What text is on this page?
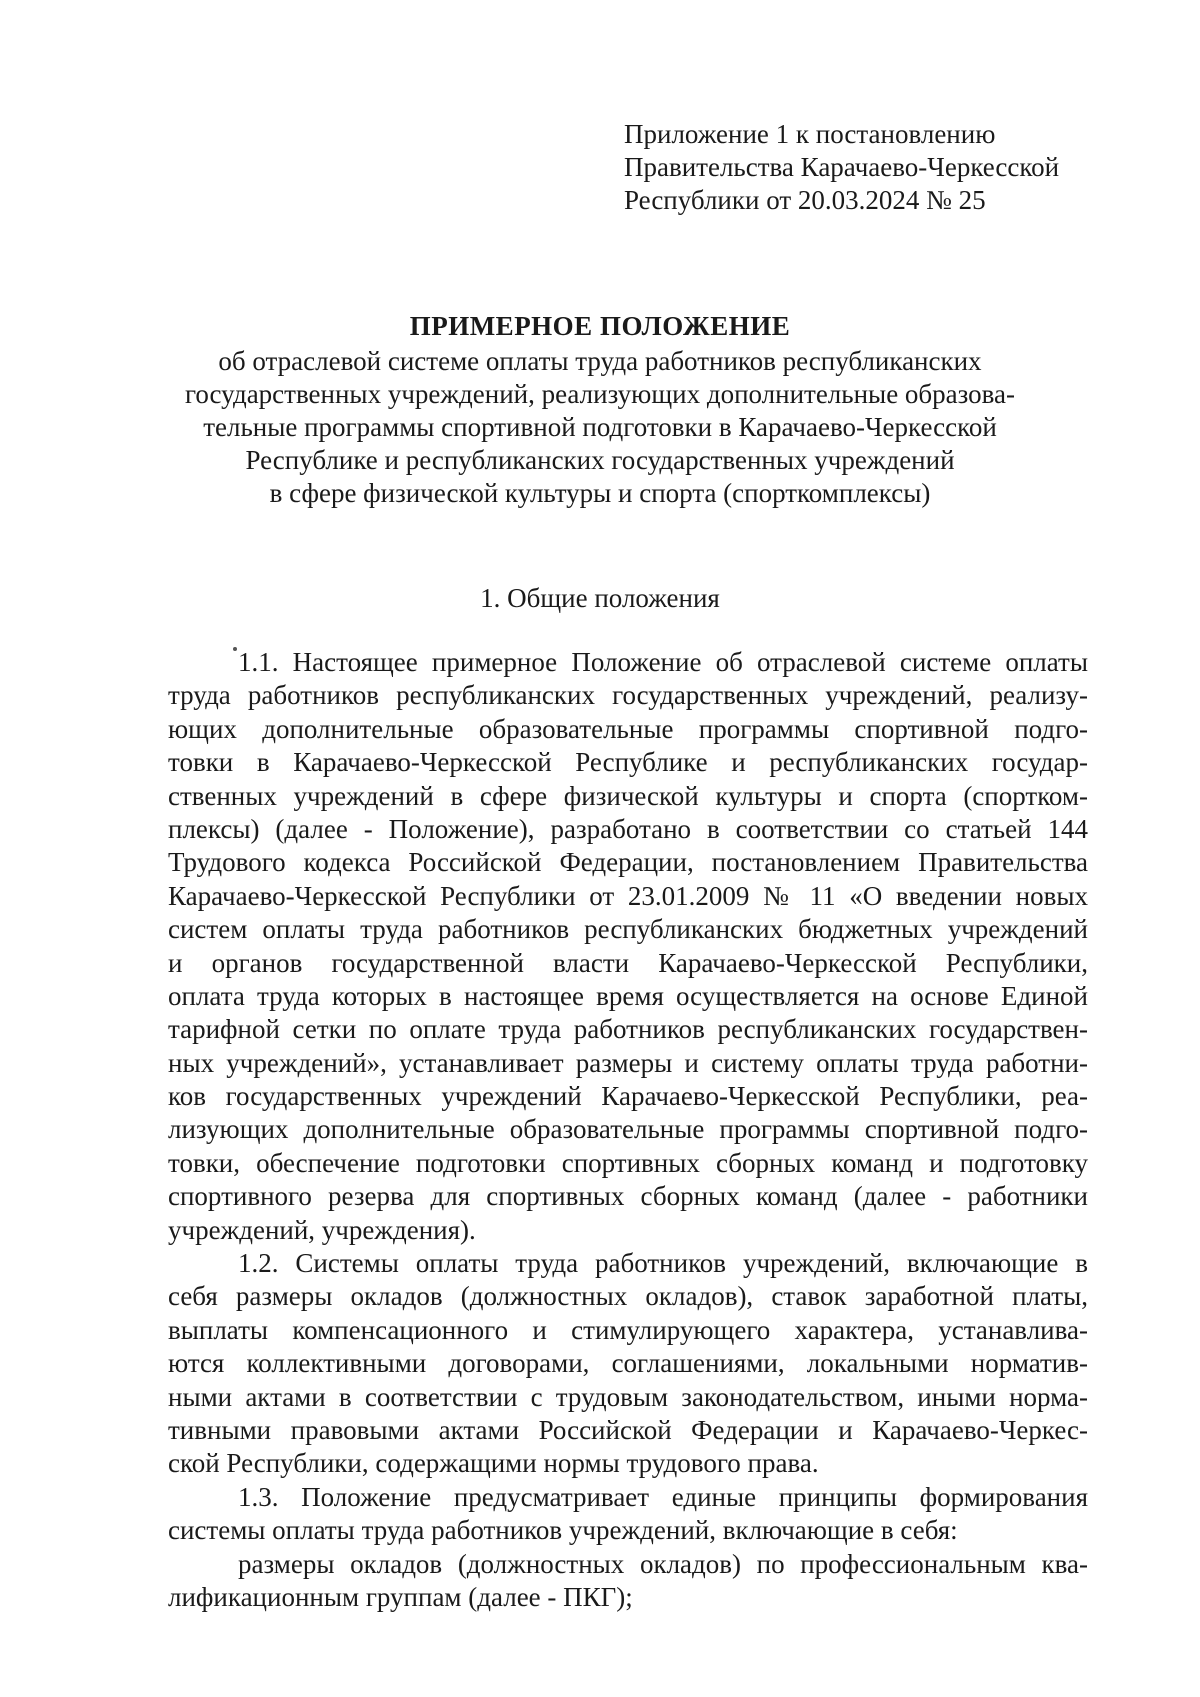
Приложение 1 к постановлению
Правительства Карачаево-Черкесской
Республики от 20.03.2024 № 25
ПРИМЕРНОЕ ПОЛОЖЕНИЕ
об отраслевой системе оплаты труда работников республиканских
государственных учреждений, реализующих дополнительные образова-
тельные программы спортивной подготовки в Карачаево-Черкесской
Республике и республиканских государственных учреждений
в сфере физической культуры и спорта (спорткомплексы)
1. Общие положения
1.1. Настоящее примерное Положение об отраслевой системе оплаты
труда работников республиканских государственных учреждений, реализу-
ющих дополнительные образовательные программы спортивной подго-
товки в Карачаево-Черкесской Республике и республиканских государ-
ственных учреждений в сфере физической культуры и спорта (спортком-
плексы) (далее - Положение), разработано в соответствии со статьей 144
Трудового кодекса Российской Федерации, постановлением Правительства
Карачаево-Черкесской Республики от 23.01.2009 № 11 «О введении новых
систем оплаты труда работников республиканских бюджетных учреждений
и органов государственной власти Карачаево-Черкесской Республики,
оплата труда которых в настоящее время осуществляется на основе Единой
тарифной сетки по оплате труда работников республиканских государствен-
ных учреждений», устанавливает размеры и систему оплаты труда работни-
ков государственных учреждений Карачаево-Черкесской Республики, реа-
лизующих дополнительные образовательные программы спортивной подго-
товки, обеспечение подготовки спортивных сборных команд и подготовку
спортивного резерва для спортивных сборных команд (далее - работники
учреждений, учреждения).
1.2. Системы оплаты труда работников учреждений, включающие в
себя размеры окладов (должностных окладов), ставок заработной платы,
выплаты компенсационного и стимулирующего характера, устанавлива-
ются коллективными договорами, соглашениями, локальными норматив-
ными актами в соответствии с трудовым законодательством, иными норма-
тивными правовыми актами Российской Федерации и Карачаево-Черкес-
ской Республики, содержащими нормы трудового права.
1.3. Положение предусматривает единые принципы формирования
системы оплаты труда работников учреждений, включающие в себя:
размеры окладов (должностных окладов) по профессиональным ква-
лификационным группам (далее - ПКГ);
